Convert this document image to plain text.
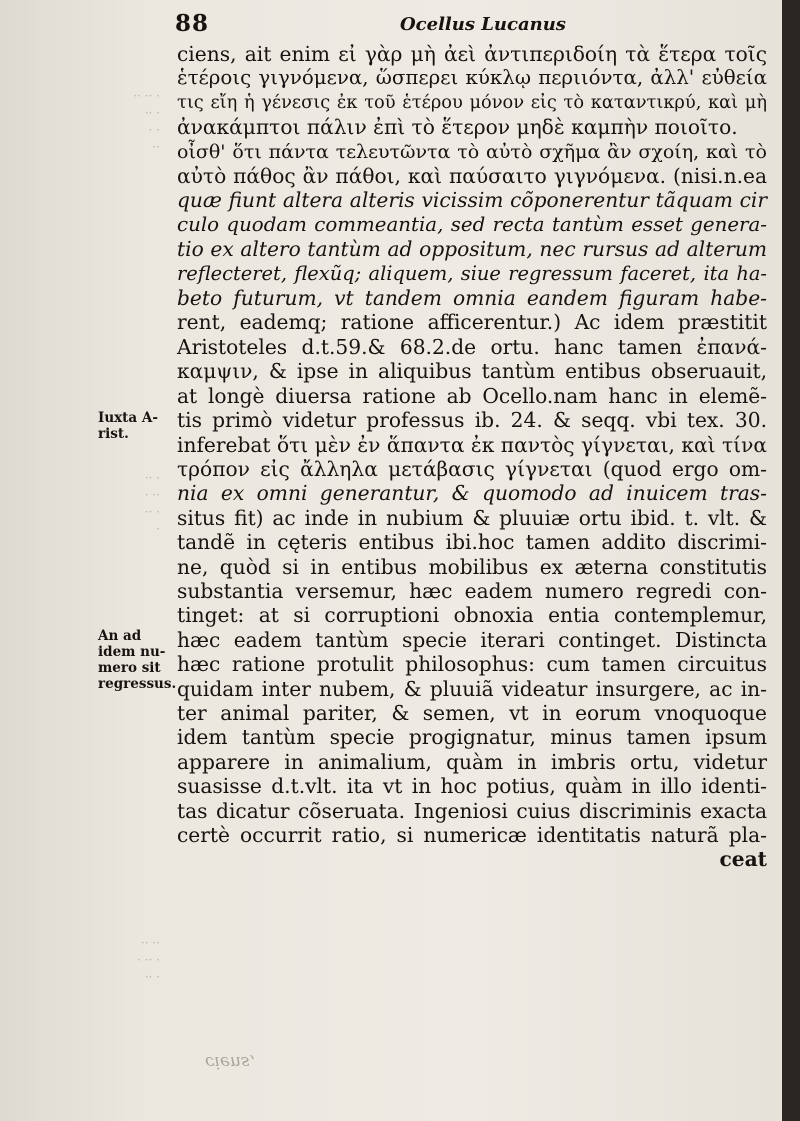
·· ·· ·
·· ·
· ·
··
·· ·
· ··
·· ·
·
·· ··
· ·· ·
·· ·
88	Ocellus Lucanus
Iuxta A-
rist.
An ad
idem nu-
mero sit
regressus.
ciens, ait enim εἰ γὰρ μὴ ἀεὶ ἀντιπεριδοίη τὰ ἕτερα τοῖς
ἑτέροις γιγνόμενα, ὥσπερει κύκλῳ περιιόντα, ἀλλ' εὐθεία
τις εἴη ἡ γένεσις ἐκ τοῦ ἑτέρου μόνον εἰς τὸ καταντικρύ, καὶ μὴ
ἀνακάμπτοι πάλιν ἐπὶ τὸ ἕτερον μηδὲ καμπὴν ποιοῖτο.
οἶσθ' ὅτι πάντα τελευτῶντα τὸ αὐτὸ σχῆμα ἂν σχοίη, καὶ τὸ
αὐτὸ πάθος ἂν πάθοι, καὶ παύσαιτο γιγνόμενα. (nisi.n.ea
quæ fiunt altera alteris vicissim cõponerentur tãquam cir
culo quodam commeantia, sed recta tantùm esset genera-
tio ex altero tantùm ad oppositum, nec rursus ad alterum
reflecteret, flexũq; aliquem, siue regressum faceret, ita ha-
beto futurum, vt tandem omnia eandem figuram habe-
rent, eademq; ratione afficerentur.) Ac idem præstitit
Aristoteles d.t.59.& 68.2.de ortu. hanc tamen ἐπανά-
καμψιν, & ipse in aliquibus tantùm entibus obseruauit,
at longè diuersa ratione ab Ocello.nam hanc in elemẽ-
tis primò videtur professus ib. 24. & seqq. vbi tex. 30.
inferebat ὅτι μὲν ἐν ἅπαντα ἐκ παντὸς γίγνεται, καὶ τίνα
τρόπον εἰς ἄλληλα μετάβασις γίγνεται (quod ergo om-
nia ex omni generantur, & quomodo ad inuicem tras-
situs fit) ac inde in nubium & pluuiæ ortu ibid. t. vlt. &
tandẽ in cęteris entibus ibi.hoc tamen addito discrimi-
ne, quòd si in entibus mobilibus ex æterna constitutis
substantia versemur, hæc eadem numero regredi con-
tinget: at si corruptioni obnoxia entia contemplemur,
hæc eadem tantùm specie iterari continget. Distincta
hæc ratione protulit philosophus: cum tamen circuitus
quidam inter nubem, & pluuiã videatur insurgere, ac in-
ter animal pariter, & semen, vt in eorum vnoquoque
idem tantùm specie progignatur, minus tamen ipsum
apparere in animalium, quàm in imbris ortu, videtur
suasisse d.t.vlt. ita vt in hoc potius, quàm in illo identi-
tas dicatur cõseruata. Ingeniosi cuius discriminis exacta
certè occurrit ratio, si numericæ identitatis naturã pla-
ceat
ciens,
